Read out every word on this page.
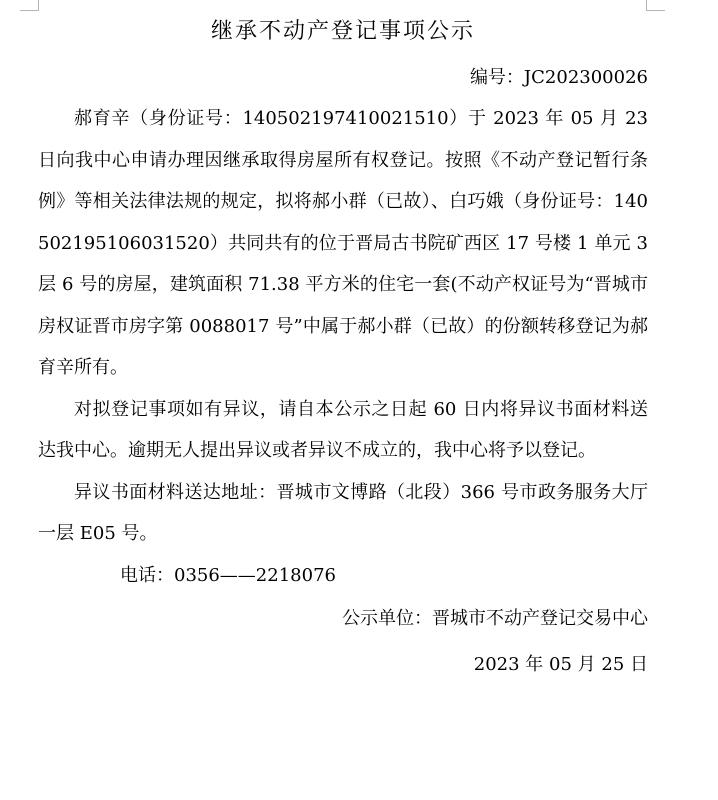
继承不动产登记事项公示

编号：JC202300026

郝育辛（身份证号：140502197410021510）于 2023 年 05 月 23 日向我中心申请办理因继承取得房屋所有权登记。按照《不动产登记暂行条例》等相关法律法规的规定，拟将郝小群（已故）、白巧娥（身份证号：140502195106031520）共同共有的位于晋局古书院矿西区 17 号楼 1 单元 3 层 6 号的房屋，建筑面积 71.38 平方米的住宅一套(不动产权证号为“晋城市房权证晋市房字第 0088017 号”中属于郝小群（已故）的份额转移登记为郝育辛所有。

对拟登记事项如有异议，请自本公示之日起 60 日内将异议书面材料送达我中心。逾期无人提出异议或者异议不成立的，我中心将予以登记。

异议书面材料送达地址：晋城市文博路（北段）366 号市政务服务大厅一层 E05 号。

电话：0356——2218076

公示单位：晋城市不动产登记交易中心

2023 年 05 月 25 日
